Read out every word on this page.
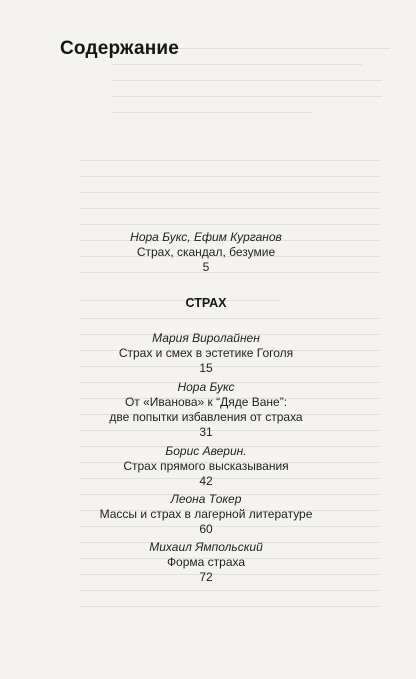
Содержание
Нора Букс, Ефим Курганов
Страх, скандал, безумие
5
СТРАХ
Мария Виролайнен
Страх и смех в эстетике Гоголя
15
Нора Букс
От «Иванова» к “Дяде Ване”:
две попытки избавления от страха
31
Борис Аверин.
Страх прямого высказывания
42
Леона Токер
Массы и страх в лагерной литературе
60
Михаил Ямпольский
Форма страха
72
